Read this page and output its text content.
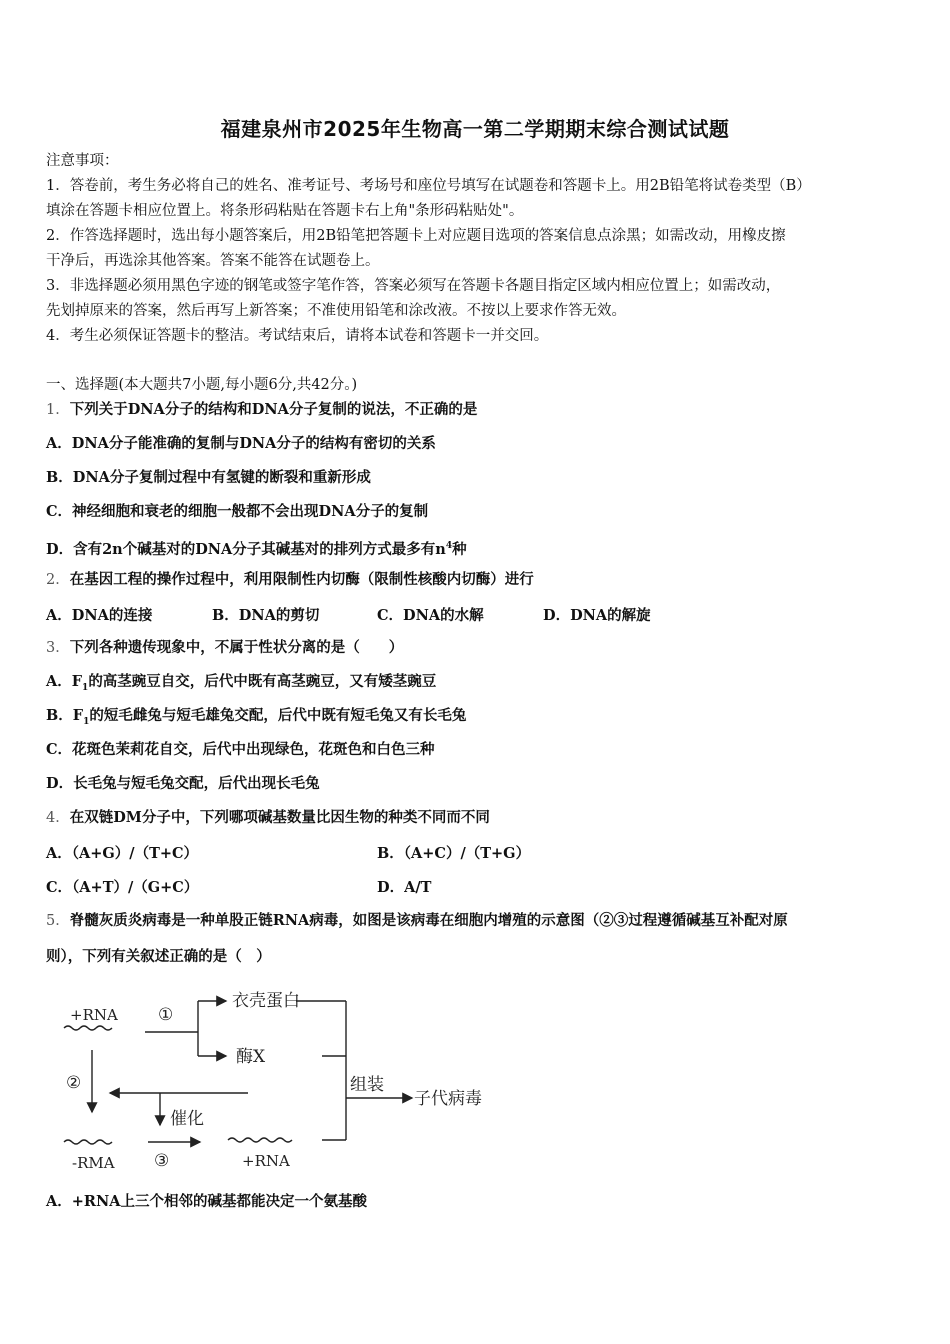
福建泉州市2025年生物高一第二学期期末综合测试试题
注意事项：
1．答卷前，考生务必将自己的姓名、准考证号、考场号和座位号填写在试题卷和答题卡上。用2B铅笔将试卷类型（B）
填涂在答题卡相应位置上。将条形码粘贴在答题卡右上角"条形码粘贴处"。
2．作答选择题时，选出每小题答案后，用2B铅笔把答题卡上对应题目选项的答案信息点涂黑；如需改动，用橡皮擦
干净后，再选涂其他答案。答案不能答在试题卷上。
3．非选择题必须用黑色字迹的钢笔或签字笔作答，答案必须写在答题卡各题目指定区域内相应位置上；如需改动，
先划掉原来的答案，然后再写上新答案；不准使用铅笔和涂改液。不按以上要求作答无效。
4．考生必须保证答题卡的整洁。考试结束后，请将本试卷和答题卡一并交回。
一、选择题(本大题共7小题,每小题6分,共42分。)
1．下列关于DNA分子的结构和DNA分子复制的说法，不正确的是
A．DNA分子能准确的复制与DNA分子的结构有密切的关系
B．DNA分子复制过程中有氢键的断裂和重新形成
C．神经细胞和衰老的细胞一般都不会出现DNA分子的复制
D．含有2n个碱基对的DNA分子其碱基对的排列方式最多有$n^4$种
2．在基因工程的操作过程中，利用限制性内切酶（限制性核酸内切酶）进行
A．DNA的连接	B．DNA的剪切	C．DNA的水解	D．DNA的解旋
3．下列各种遗传现象中，不属于性状分离的是（　　）
A．$F_1$的高茎豌豆自交，后代中既有高茎豌豆，又有矮茎豌豆
B．$F_1$的短毛雌兔与短毛雄兔交配，后代中既有短毛兔又有长毛兔
C．花斑色茉莉花自交，后代中出现绿色，花斑色和白色三种
D．长毛兔与短毛兔交配，后代出现长毛兔
4．在双链DM分子中，下列哪项碱基数量比因生物的种类不同而不同
A．（A+G）/（T+C）	B．（A+C）/（T+G）
C．（A+T）/（G+C）	D．A/T
5．脊髓灰质炎病毒是一种单股正链RNA病毒，如图是该病毒在细胞内增殖的示意图（②③过程遵循碱基互补配对原
则），下列有关叙述正确的是（　）
+RNA ①
衣壳蛋白
酶X
②
催化
-RMA ③	+RNA
组装
子代病毒
A．+RNA上三个相邻的碱基都能决定一个氨基酸
